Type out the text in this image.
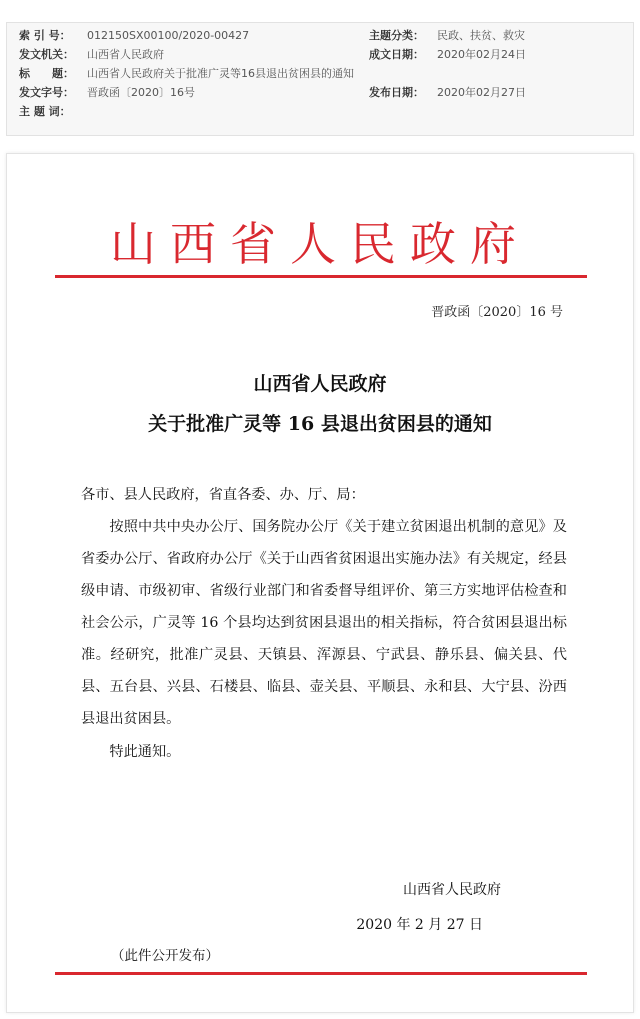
索 引 号： 012150SX00100/2020-00427	主题分类： 民政、扶贫、救灾
发文机关： 山西省人民政府	成文日期： 2020年02月24日
标　　题： 山西省人民政府关于批准广灵等16县退出贫困县的通知
发文字号： 晋政函〔2020〕16号	发布日期： 2020年02月27日
主 题 词：
山西省人民政府
晋政函〔2020〕16 号
山西省人民政府
关于批准广灵等 16 县退出贫困县的通知
各市、县人民政府，省直各委、办、厅、局：
按照中共中央办公厅、国务院办公厅《关于建立贫困退出机制的意见》及省委办公厅、省政府办公厅《关于山西省贫困退出实施办法》有关规定，经县级申请、市级初审、省级行业部门和省委督导组评价、第三方实地评估检查和社会公示，广灵等 16 个县均达到贫困县退出的相关指标，符合贫困县退出标准。经研究，批准广灵县、天镇县、浑源县、宁武县、静乐县、偏关县、代县、五台县、兴县、石楼县、临县、壶关县、平顺县、永和县、大宁县、汾西县退出贫困县。
特此通知。
山西省人民政府
2020 年 2 月 27 日
（此件公开发布）
